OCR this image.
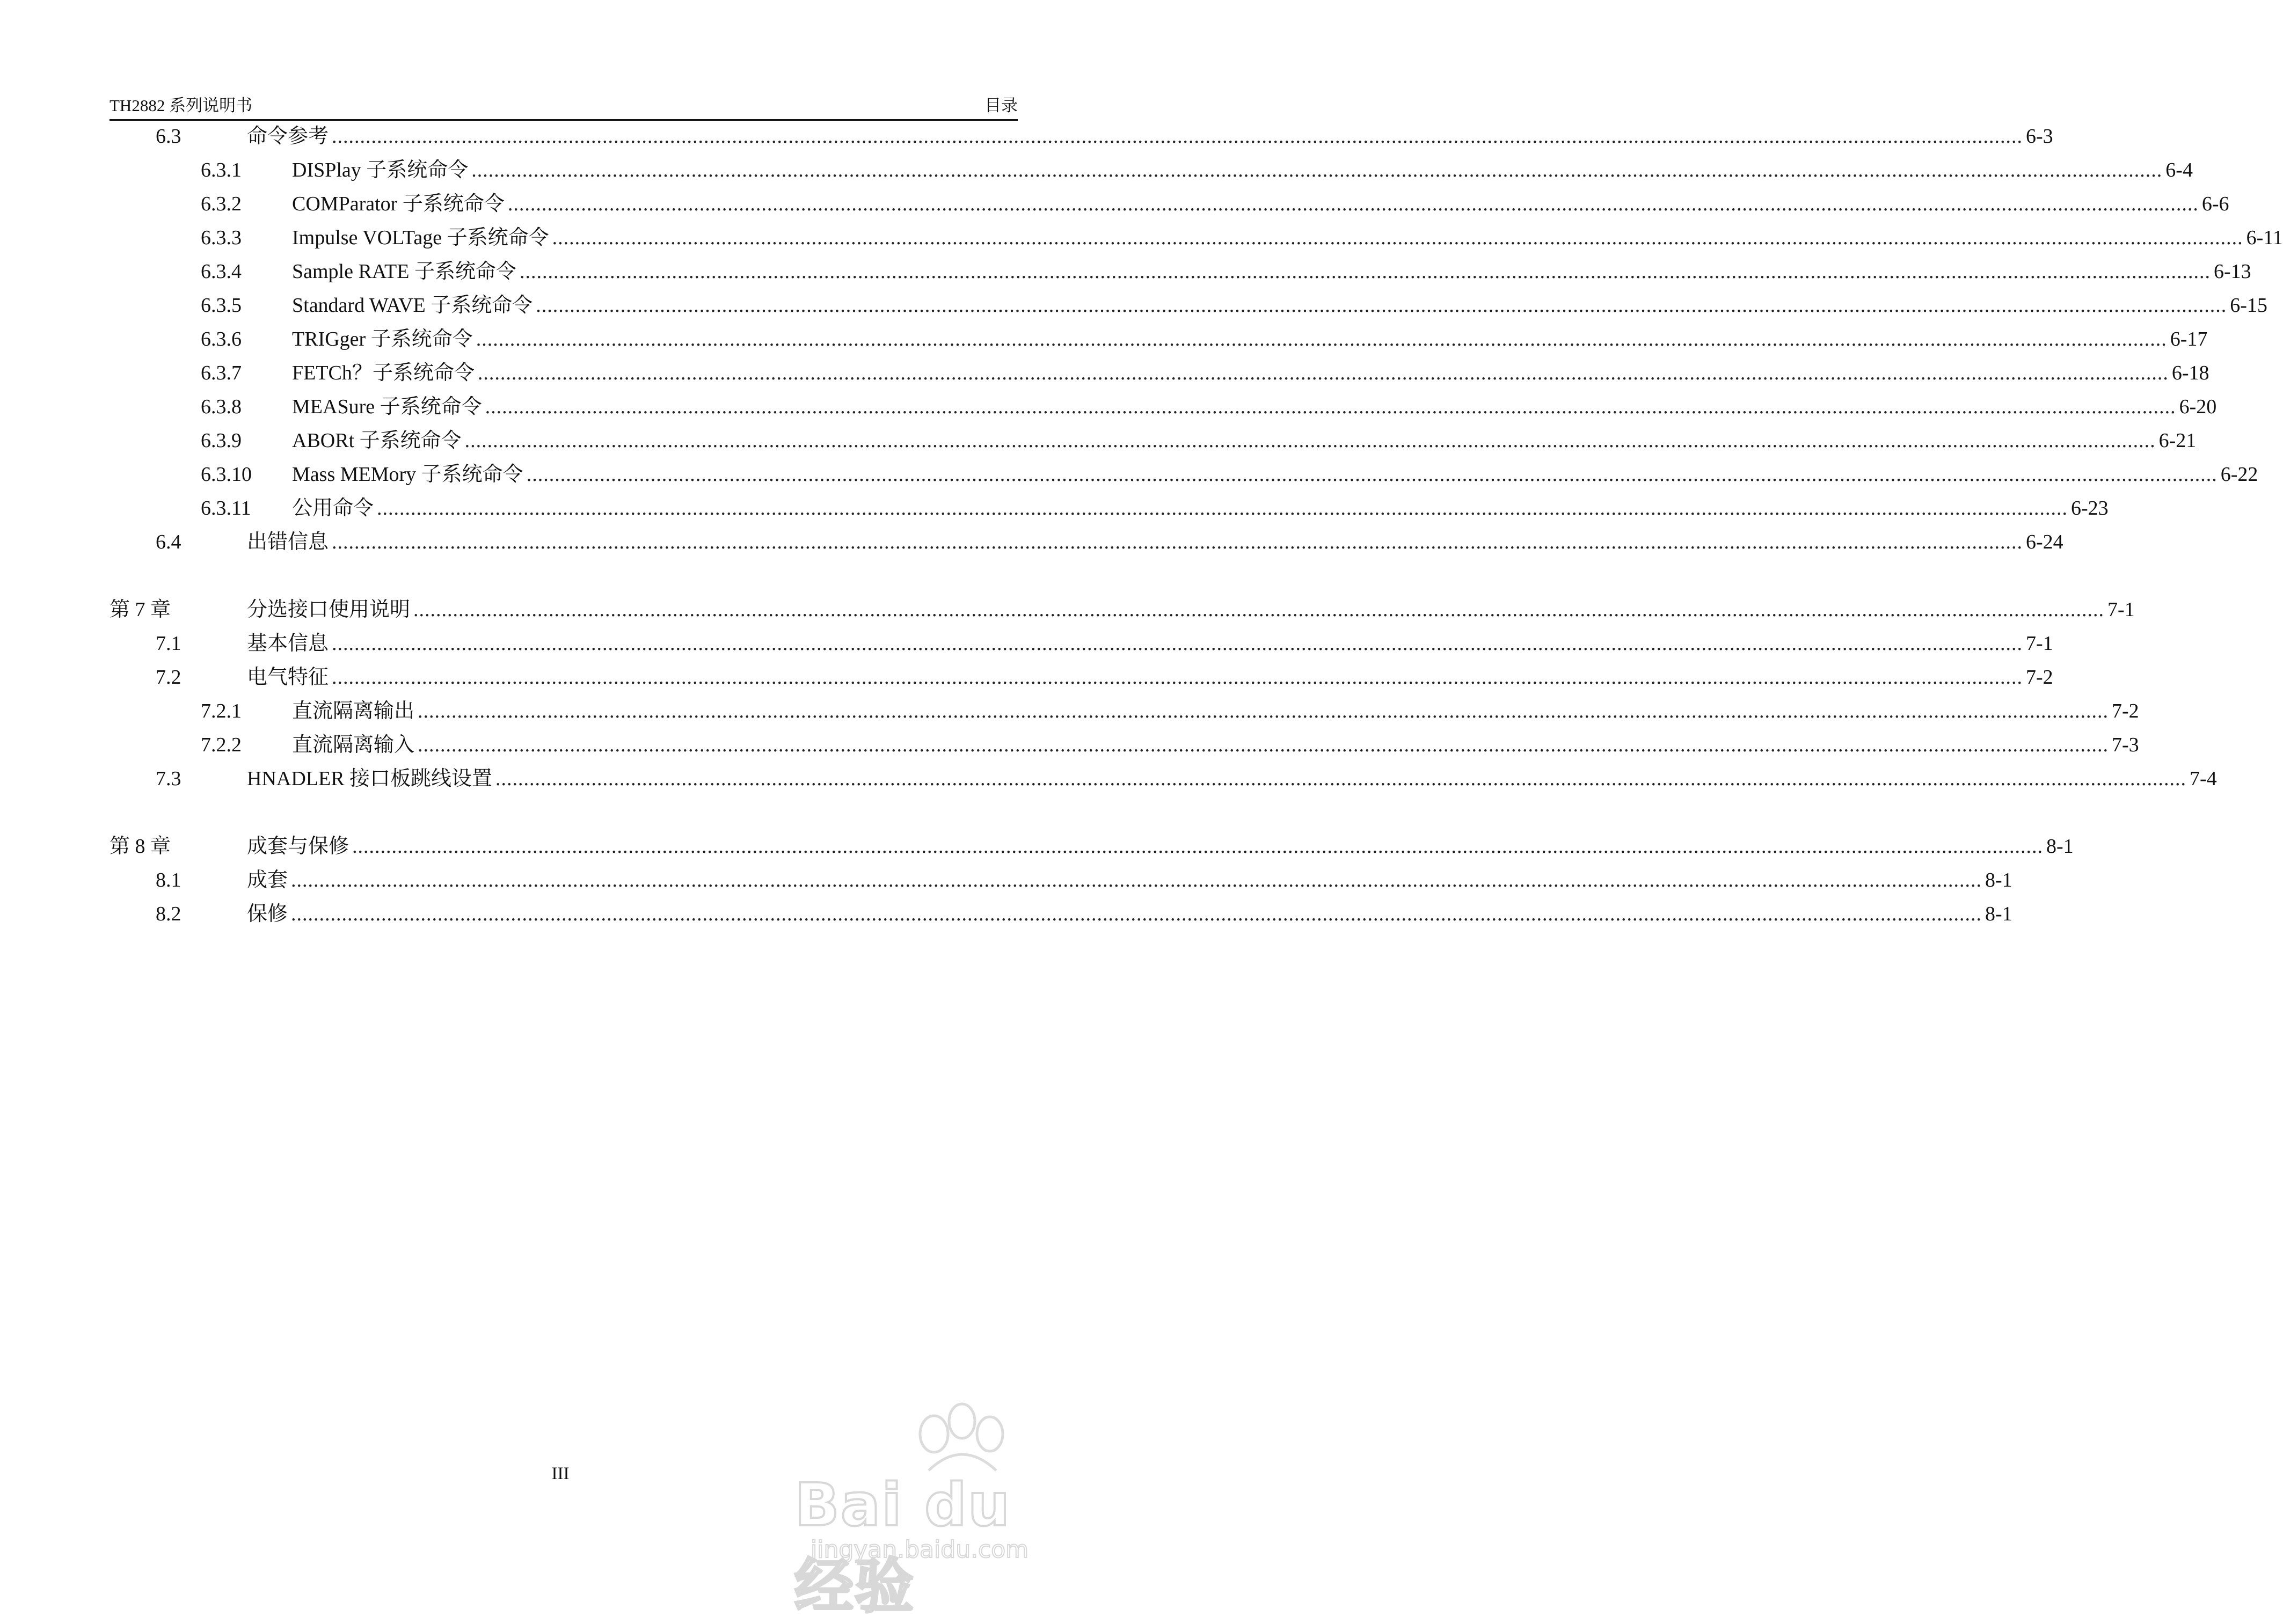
TH2882 系列说明书	目录
6.3	命令参考 ............................................................................................................................................................................................................................................................................................................ 6-3
6.3.1 DISPlay 子系统命令 ............................................................................................................................................................................................................................................................................................................ 6-4
6.3.2 COMParator 子系统命令 ............................................................................................................................................................................................................................................................................................................ 6-6
6.3.3 Impulse VOLTage 子系统命令 ............................................................................................................................................................................................................................................................................................................ 6-11
6.3.4 Sample RATE 子系统命令 ............................................................................................................................................................................................................................................................................................................ 6-13
6.3.5 Standard WAVE 子系统命令 ............................................................................................................................................................................................................................................................................................................ 6-15
6.3.6 TRIGger 子系统命令 ............................................................................................................................................................................................................................................................................................................ 6-17
6.3.7 FETCh？子系统命令 ............................................................................................................................................................................................................................................................................................................ 6-18
6.3.8 MEASure 子系统命令 ............................................................................................................................................................................................................................................................................................................ 6-20
6.3.9 ABORt 子系统命令 ............................................................................................................................................................................................................................................................................................................ 6-21
6.3.10 Mass MEMory 子系统命令 ............................................................................................................................................................................................................................................................................................................ 6-22
6.3.11 公用命令 ............................................................................................................................................................................................................................................................................................................ 6-23
6.4	出错信息 ............................................................................................................................................................................................................................................................................................................ 6-24
第 7 章	分选接口使用说明 ............................................................................................................................................................................................................................................................................................................ 7-1
7.1	基本信息 ............................................................................................................................................................................................................................................................................................................ 7-1
7.2	电气特征 ............................................................................................................................................................................................................................................................................................................ 7-2
7.2.1 直流隔离输出 ............................................................................................................................................................................................................................................................................................................ 7-2
7.2.2 直流隔离输入 ............................................................................................................................................................................................................................................................................................................ 7-3
7.3	HNADLER 接口板跳线设置 ............................................................................................................................................................................................................................................................................................................ 7-4
第 8 章	成套与保修 ............................................................................................................................................................................................................................................................................................................ 8-1
8.1	成套 ............................................................................................................................................................................................................................................................................................................ 8-1
8.2	保修 ............................................................................................................................................................................................................................................................................................................ 8-1
III	Bai du 经验
jingyan.baidu.com
